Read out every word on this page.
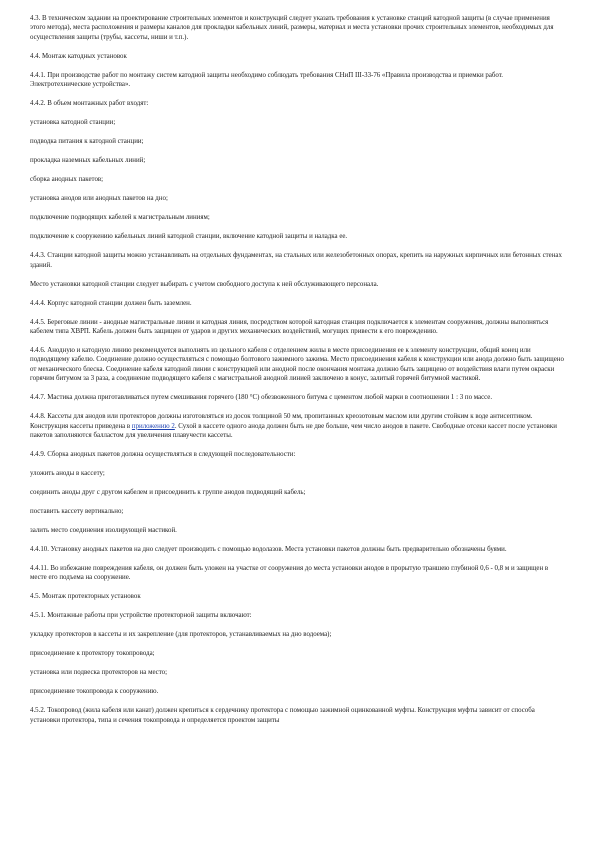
4.3. В техническом задании на проектирование строительных элементов и конструкций следует указать требования к установке станций катодной защиты (в случае применения этого метода), места расположения и размеры каналов для прокладки кабельных линий, размеры, материал и места установки прочих строительных элементов, необходимых для осуществления защиты (трубы, кассеты, ниши и т.п.).

4.4. Монтаж катодных установок

4.4.1. При производстве работ по монтажу систем катодной защиты необходимо соблюдать требования СНиП III-33-76 «Правила производства и приемки работ. Электротехнические устройства».

4.4.2. В объем монтажных работ входят:

установка катодной станции;

подводка питания к катодной станции;

прокладка наземных кабельных линий;

сборка анодных пакетов;

установка анодов или анодных пакетов на дно;

подключение подводящих кабелей к магистральным линиям;

подключение к сооружению кабельных линий катодной станции, включение катодной защиты и наладка ее.

4.4.3. Станции катодной защиты можно устанавливать на отдельных фундаментах, на стальных или железобетонных опорах, крепить на наружных кирпичных или бетонных стенах зданий.

Место установки катодной станции следует выбирать с учетом свободного доступа к ней обслуживающего персонала.

4.4.4. Корпус катодной станции должен быть заземлен.

4.4.5. Береговые линии - анодные магистральные линии и катодная линия, посредством которой катодная станция подключается к элементам сооружения, должны выполняться кабелем типа ХВРП. Кабель должен быть защищен от ударов и других механических воздействий, могущих привести к его повреждению.

4.4.6. Анодную и катодную линию рекомендуется выполнять из цельного кабеля с отделением жилы в месте присоединения ее к элементу конструкции, общий конец или подводящему кабелю. Соединение должно осуществляться с помощью болтового зажимного зажима. Место присоединения кабеля к конструкции или анода должно быть защищено от механического блеска. Соединение кабеля катодной линии с конструкцией или анодной после окончания монтажа должно быть защищено от воздействия влаги путем окраски горячим битумом за 3 раза, а соединение подводящего кабеля с магистральной анодной линией заключено в конус, залитый горячей битумной мастикой.

4.4.7. Мастика должна приготавливаться путем смешивания горячего (180 °С) обезвоженного битума с цементом любой марки в соотношении 1 : 3 по массе.

4.4.8. Кассеты для анодов или протекторов должны изготовляться из досок толщиной 50 мм, пропитанных креозотовым маслом или другим стойким к воде антисептиком. Конструкция кассеты приведена в приложению 2. Сухой в кассете одного анода должен быть не две больше, чем число анодов в пакете. Свободные отсеки кассет после установки пакетов заполняются балластом для увеличения плавучести кассеты.

4.4.9. Сборка анодных пакетов должна осуществляться в следующей последовательности:

уложить аноды в кассету;

соединить аноды друг с другом кабелем и присоединить к группе анодов подводящий кабель;

поставить кассету вертикально;

залить место соединения изолирующей мастикой.

4.4.10. Установку анодных пакетов на дно следует производить с помощью водолазов. Места установки пакетов должны быть предварительно обозначены буями.

4.4.11. Во избежание повреждения кабеля, он должен быть уложен на участке от сооружения до места установки анодов в прорытую траншею глубиной 0,6 - 0,8 м и защищен в месте его подъема на сооружение.

4.5. Монтаж протекторных установок

4.5.1. Монтажные работы при устройстве протекторной защиты включают:

укладку протекторов в кассеты и их закрепление (для протекторов, устанавливаемых на дно водоема);

присоединение к протектору токопровода;

установка или подвеска протекторов на место;

присоединение токопровода к сооружению.

4.5.2. Токопровод (жила кабеля или канат) должен крепиться к сердечнику протектора с помощью зажимной оцинкованной муфты. Конструкция муфты зависит от способа установки протектора, типа и сечения токопровода и определяется проектом защиты
